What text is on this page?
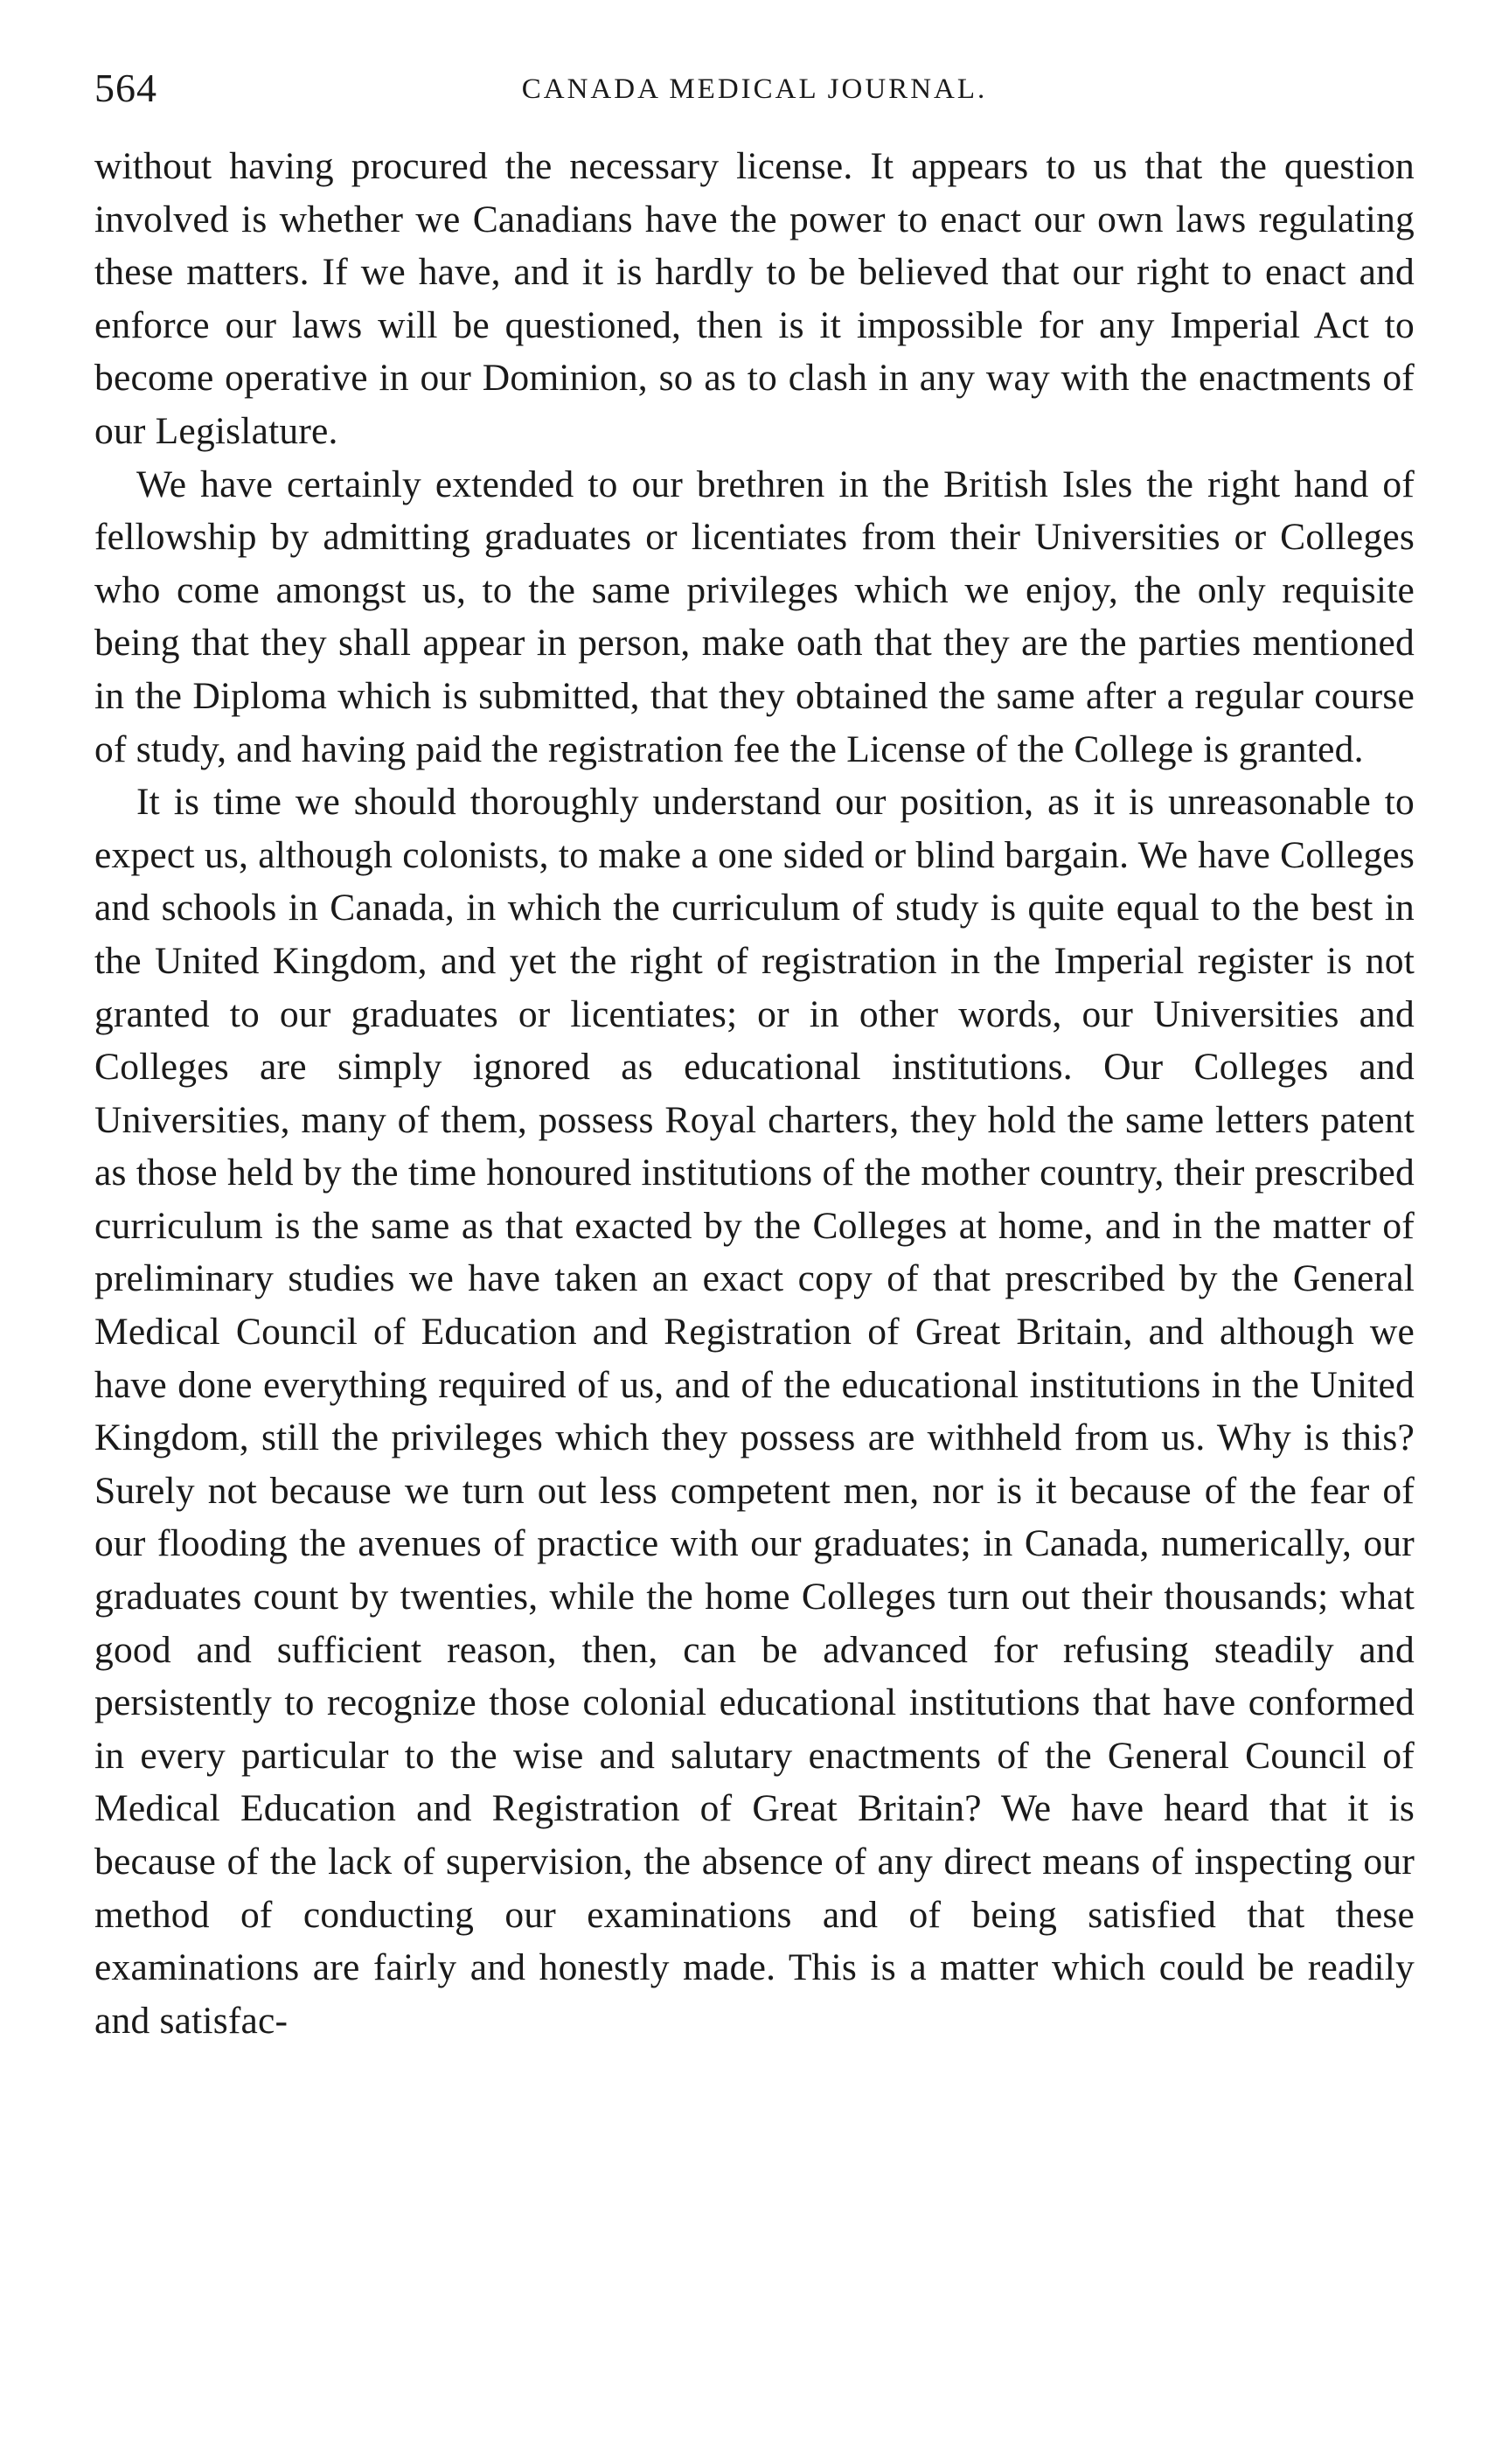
564	CANADA MEDICAL JOURNAL.

without having procured the necessary license. It appears to us that the question involved is whether we Canadians have the power to enact our own laws regulating these matters. If we have, and it is hardly to be believed that our right to enact and enforce our laws will be questioned, then is it impossible for any Imperial Act to become operative in our Dominion, so as to clash in any way with the enactments of our Legislature.

We have certainly extended to our brethren in the British Isles the right hand of fellowship by admitting graduates or licentiates from their Universities or Colleges who come amongst us, to the same privileges which we enjoy, the only requisite being that they shall appear in person, make oath that they are the parties mentioned in the Diploma which is submitted, that they obtained the same after a regular course of study, and having paid the registration fee the License of the College is granted.

It is time we should thoroughly understand our position, as it is unreasonable to expect us, although colonists, to make a one sided or blind bargain. We have Colleges and schools in Canada, in which the curriculum of study is quite equal to the best in the United Kingdom, and yet the right of registration in the Imperial register is not granted to our graduates or licentiates; or in other words, our Universities and Colleges are simply ignored as educational institutions. Our Colleges and Universities, many of them, possess Royal charters, they hold the same letters patent as those held by the time honoured institutions of the mother country, their prescribed curriculum is the same as that exacted by the Colleges at home, and in the matter of preliminary studies we have taken an exact copy of that prescribed by the General Medical Council of Education and Registration of Great Britain, and although we have done everything required of us, and of the educational institutions in the United Kingdom, still the privileges which they possess are withheld from us. Why is this? Surely not because we turn out less competent men, nor is it because of the fear of our flooding the avenues of practice with our graduates; in Canada, numerically, our graduates count by twenties, while the home Colleges turn out their thousands; what good and sufficient reason, then, can be advanced for refusing steadily and persistently to recognize those colonial educational institutions that have conformed in every particular to the wise and salutary enactments of the General Council of Medical Education and Registration of Great Britain? We have heard that it is because of the lack of supervision, the absence of any direct means of inspecting our method of conducting our examinations and of being satisfied that these examinations are fairly and honestly made. This is a matter which could be readily and satisfac-
